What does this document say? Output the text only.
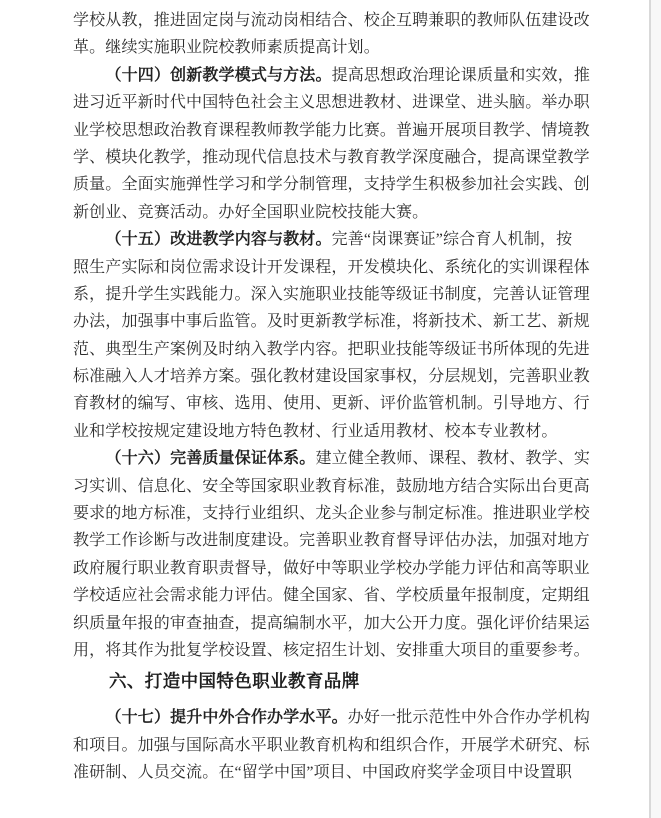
学校从教，推进固定岗与流动岗相结合、校企互聘兼职的教师队伍建设改
革。继续实施职业院校教师素质提高计划。
（十四）创新教学模式与方法。提高思想政治理论课质量和实效，推
进习近平新时代中国特色社会主义思想进教材、进课堂、进头脑。举办职
业学校思想政治教育课程教师教学能力比赛。普遍开展项目教学、情境教
学、模块化教学，推动现代信息技术与教育教学深度融合，提高课堂教学
质量。全面实施弹性学习和学分制管理，支持学生积极参加社会实践、创
新创业、竞赛活动。办好全国职业院校技能大赛。
（十五）改进教学内容与教材。完善“岗课赛证”综合育人机制，按
照生产实际和岗位需求设计开发课程，开发模块化、系统化的实训课程体
系，提升学生实践能力。深入实施职业技能等级证书制度，完善认证管理
办法，加强事中事后监管。及时更新教学标准，将新技术、新工艺、新规
范、典型生产案例及时纳入教学内容。把职业技能等级证书所体现的先进
标准融入人才培养方案。强化教材建设国家事权，分层规划，完善职业教
育教材的编写、审核、选用、使用、更新、评价监管机制。引导地方、行
业和学校按规定建设地方特色教材、行业适用教材、校本专业教材。
（十六）完善质量保证体系。建立健全教师、课程、教材、教学、实
习实训、信息化、安全等国家职业教育标准，鼓励地方结合实际出台更高
要求的地方标准，支持行业组织、龙头企业参与制定标准。推进职业学校
教学工作诊断与改进制度建设。完善职业教育督导评估办法，加强对地方
政府履行职业教育职责督导，做好中等职业学校办学能力评估和高等职业
学校适应社会需求能力评估。健全国家、省、学校质量年报制度，定期组
织质量年报的审查抽查，提高编制水平，加大公开力度。强化评价结果运
用，将其作为批复学校设置、核定招生计划、安排重大项目的重要参考。
六、打造中国特色职业教育品牌
（十七）提升中外合作办学水平。办好一批示范性中外合作办学机构
和项目。加强与国际高水平职业教育机构和组织合作，开展学术研究、标
准研制、人员交流。在“留学中国”项目、中国政府奖学金项目中设置职
